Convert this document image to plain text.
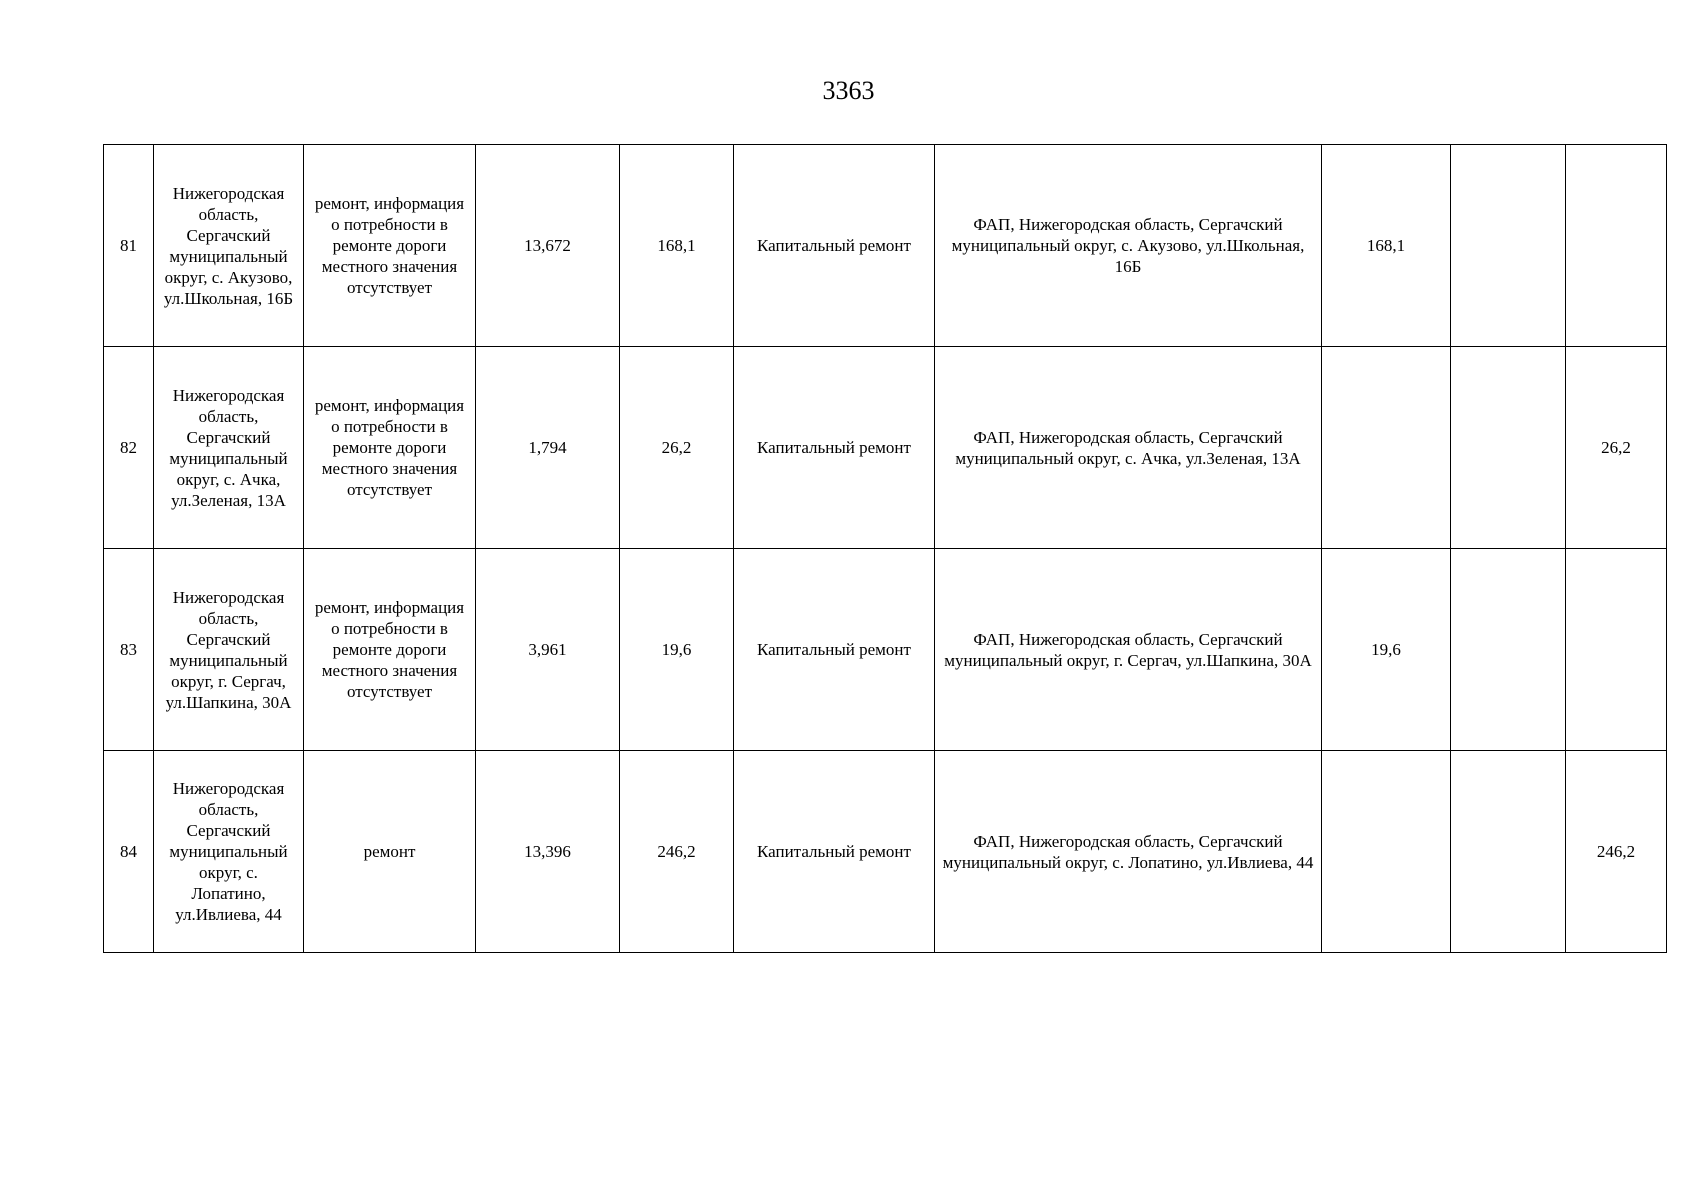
3363
81	Нижегородская область, Сергачский муниципальный округ, с. Акузово, ул.Школьная, 16Б	ремонт, информация о потребности в ремонте дороги местного значения отсутствует	13,672	168,1	Капитальный ремонт	ФАП, Нижегородская область, Сергачский муниципальный округ, с. Акузово, ул.Школьная, 16Б	168,1		
82	Нижегородская область, Сергачский муниципальный округ, с. Ачка, ул.Зеленая, 13А	ремонт, информация о потребности в ремонте дороги местного значения отсутствует	1,794	26,2	Капитальный ремонт	ФАП, Нижегородская область, Сергачский муниципальный округ, с. Ачка, ул.Зеленая, 13А			26,2
83	Нижегородская область, Сергачский муниципальный округ, г. Сергач, ул.Шапкина, 30А	ремонт, информация о потребности в ремонте дороги местного значения отсутствует	3,961	19,6	Капитальный ремонт	ФАП, Нижегородская область, Сергачский муниципальный округ, г. Сергач, ул.Шапкина, 30А	19,6		
84	Нижегородская область, Сергачский муниципальный округ, с. Лопатино, ул.Ивлиева, 44	ремонт	13,396	246,2	Капитальный ремонт	ФАП, Нижегородская область, Сергачский муниципальный округ, с. Лопатино, ул.Ивлиева, 44			246,2
